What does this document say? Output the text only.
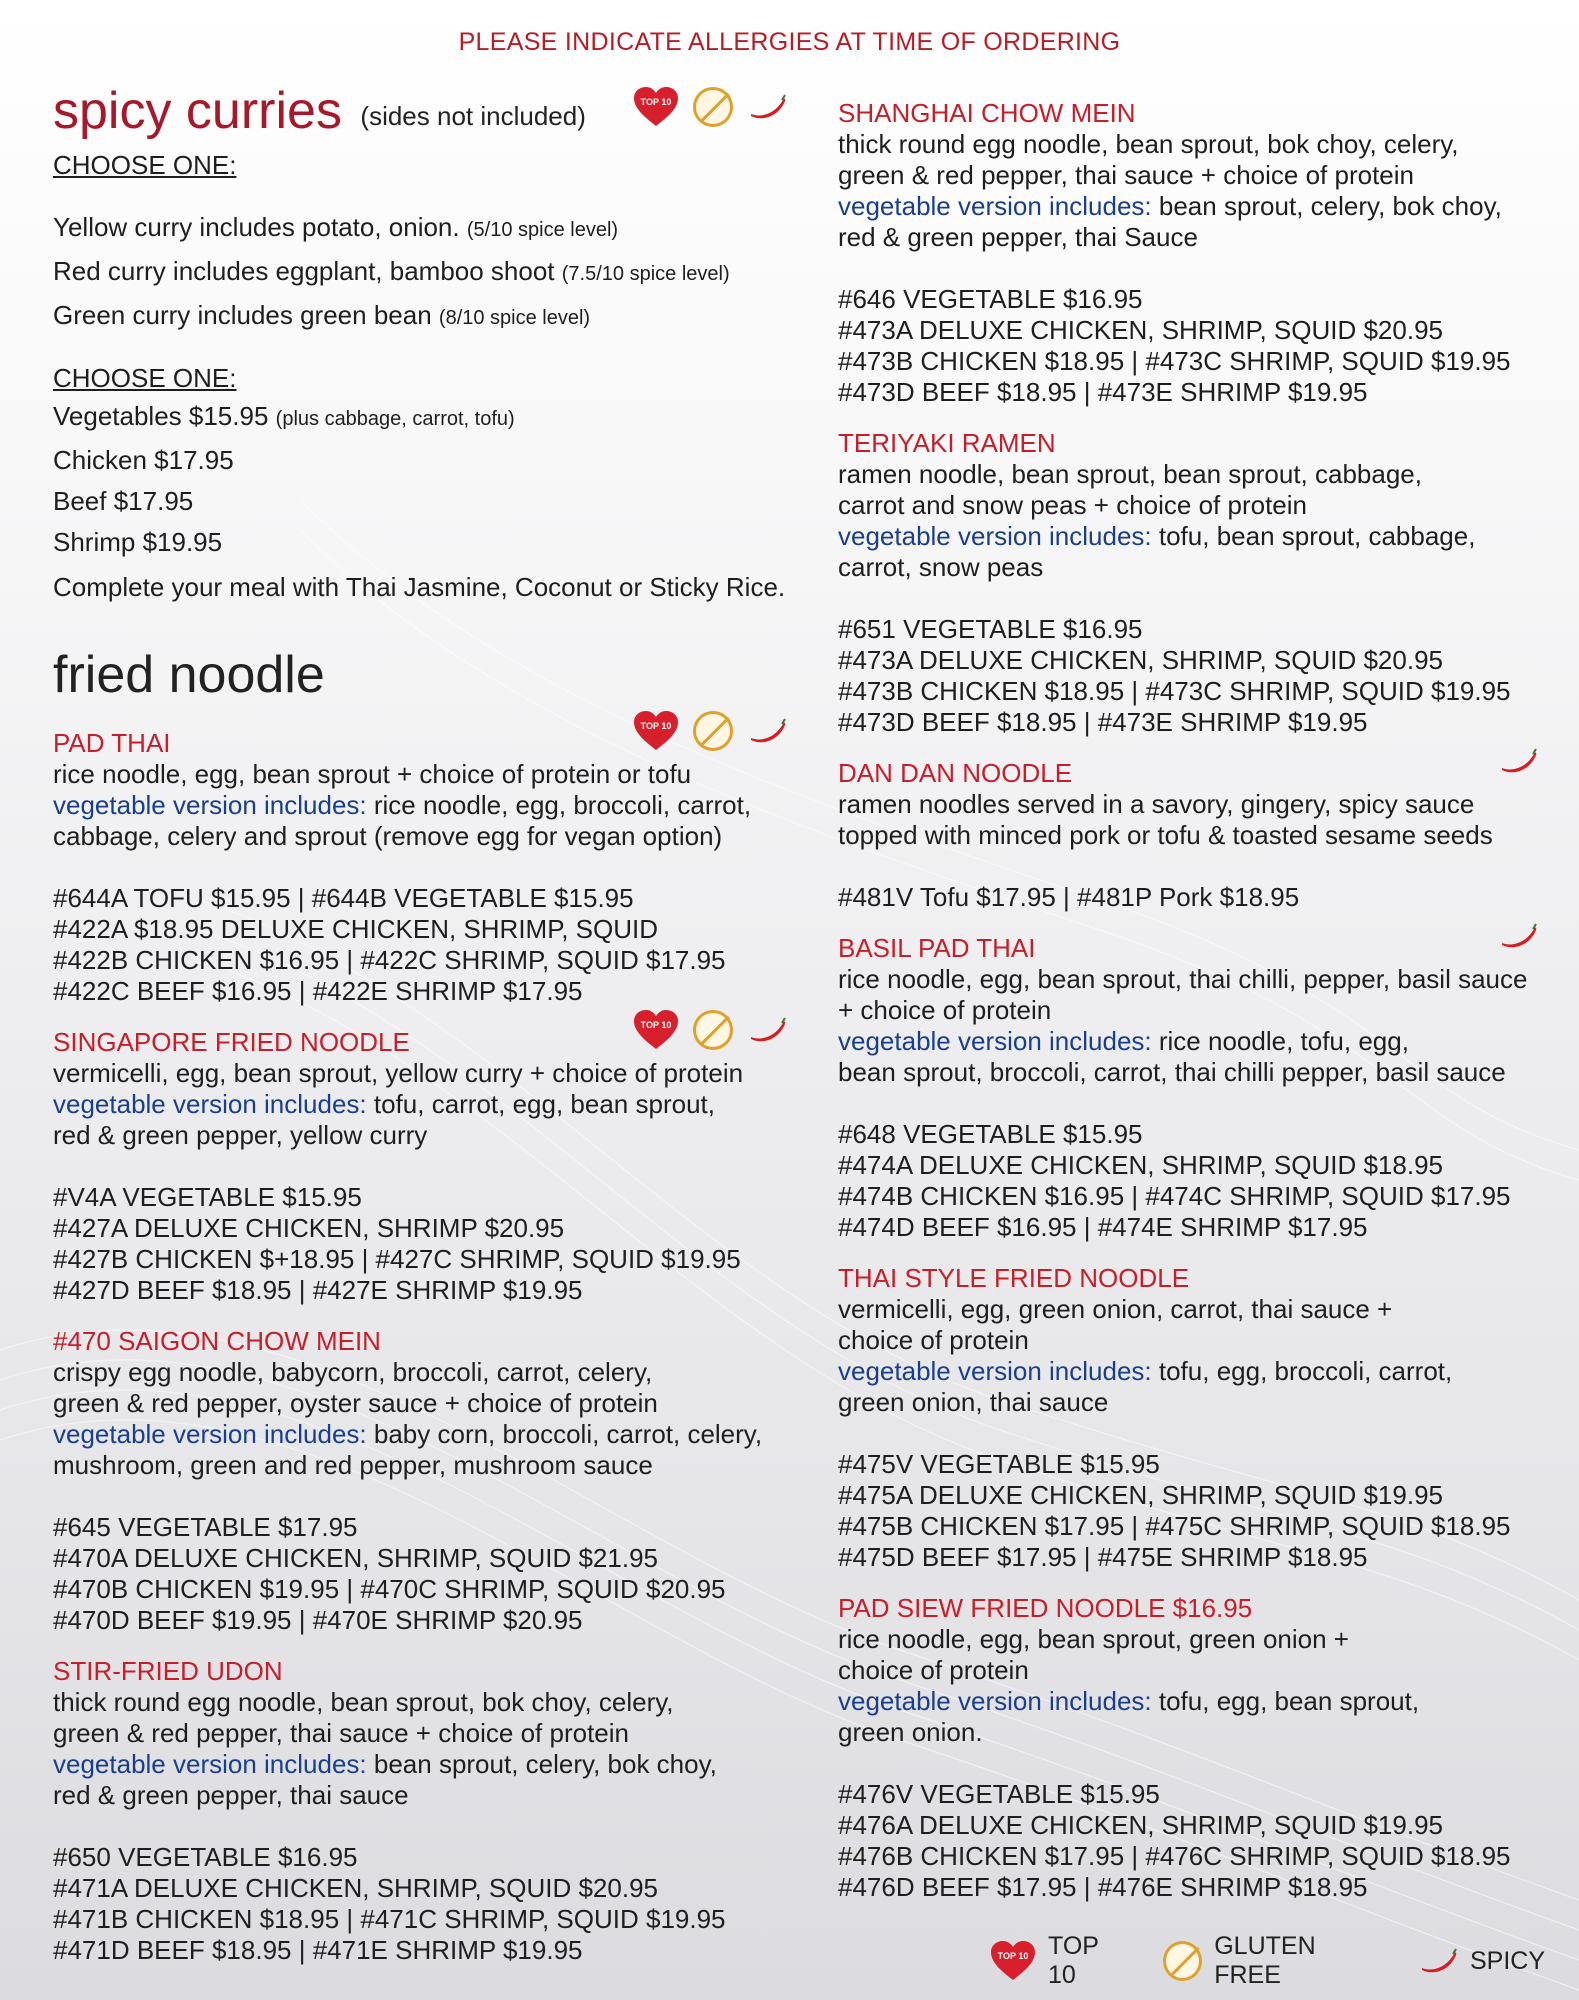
PLEASE INDICATE ALLERGIES AT TIME OF ORDERING
spicy curries (sides not included)	TOP 10
CHOOSE ONE:
Yellow curry includes potato, onion. (5/10 spice level)
Red curry includes eggplant, bamboo shoot (7.5/10 spice level)
Green curry includes green bean (8/10 spice level)
CHOOSE ONE:
Vegetables $15.95 (plus cabbage, carrot, tofu)
Chicken $17.95
Beef $17.95
Shrimp $19.95
Complete your meal with Thai Jasmine, Coconut or Sticky Rice.
fried noodle
PAD THAI
rice noodle, egg, bean sprout + choice of protein or tofu
vegetable version includes: rice noodle, egg, broccoli, carrot,
cabbage, celery and sprout (remove egg for vegan option)
#644A TOFU $15.95 | #644B VEGETABLE $15.95
#422A $18.95 DELUXE CHICKEN, SHRIMP, SQUID
#422B CHICKEN $16.95 | #422C SHRIMP, SQUID $17.95
#422C BEEF $16.95 | #422E SHRIMP $17.95
TOP 10
SINGAPORE FRIED NOODLE
vermicelli, egg, bean sprout, yellow curry + choice of protein
vegetable version includes: tofu, carrot, egg, bean sprout,
red & green pepper, yellow curry
#V4A VEGETABLE $15.95
#427A DELUXE CHICKEN, SHRIMP $20.95
#427B CHICKEN $+18.95 | #427C SHRIMP, SQUID $19.95
#427D BEEF $18.95 | #427E SHRIMP $19.95
TOP 10
#470 SAIGON CHOW MEIN
crispy egg noodle, babycorn, broccoli, carrot, celery,
green & red pepper, oyster sauce + choice of protein
vegetable version includes: baby corn, broccoli, carrot, celery,
mushroom, green and red pepper, mushroom sauce
#645 VEGETABLE $17.95
#470A DELUXE CHICKEN, SHRIMP, SQUID $21.95
#470B CHICKEN $19.95 | #470C SHRIMP, SQUID $20.95
#470D BEEF $19.95 | #470E SHRIMP $20.95
STIR-FRIED UDON
thick round egg noodle, bean sprout, bok choy, celery,
green & red pepper, thai sauce + choice of protein
vegetable version includes: bean sprout, celery, bok choy,
red & green pepper, thai sauce
#650 VEGETABLE $16.95
#471A DELUXE CHICKEN, SHRIMP, SQUID $20.95
#471B CHICKEN $18.95 | #471C SHRIMP, SQUID $19.95
#471D BEEF $18.95 | #471E SHRIMP $19.95
SHANGHAI CHOW MEIN
thick round egg noodle, bean sprout, bok choy, celery,
green & red pepper, thai sauce + choice of protein
vegetable version includes: bean sprout, celery, bok choy,
red & green pepper, thai Sauce
#646 VEGETABLE $16.95
#473A DELUXE CHICKEN, SHRIMP, SQUID $20.95
#473B CHICKEN $18.95 | #473C SHRIMP, SQUID $19.95
#473D BEEF $18.95 | #473E SHRIMP $19.95
TERIYAKI RAMEN
ramen noodle, bean sprout, bean sprout, cabbage,
carrot and snow peas + choice of protein
vegetable version includes: tofu, bean sprout, cabbage,
carrot, snow peas
#651 VEGETABLE $16.95
#473A DELUXE CHICKEN, SHRIMP, SQUID $20.95
#473B CHICKEN $18.95 | #473C SHRIMP, SQUID $19.95
#473D BEEF $18.95 | #473E SHRIMP $19.95
DAN DAN NOODLE
ramen noodles served in a savory, gingery, spicy sauce
topped with minced pork or tofu & toasted sesame seeds
#481V Tofu $17.95 | #481P Pork $18.95
BASIL PAD THAI
rice noodle, egg, bean sprout, thai chilli, pepper, basil sauce
+ choice of protein
vegetable version includes: rice noodle, tofu, egg,
bean sprout, broccoli, carrot, thai chilli pepper, basil sauce
#648 VEGETABLE $15.95
#474A DELUXE CHICKEN, SHRIMP, SQUID $18.95
#474B CHICKEN $16.95 | #474C SHRIMP, SQUID $17.95
#474D BEEF $16.95 | #474E SHRIMP $17.95
THAI STYLE FRIED NOODLE
vermicelli, egg, green onion, carrot, thai sauce +
choice of protein
vegetable version includes: tofu, egg, broccoli, carrot,
green onion, thai sauce
#475V VEGETABLE $15.95
#475A DELUXE CHICKEN, SHRIMP, SQUID $19.95
#475B CHICKEN $17.95 | #475C SHRIMP, SQUID $18.95
#475D BEEF $17.95 | #475E SHRIMP $18.95
PAD SIEW FRIED NOODLE $16.95
rice noodle, egg, bean sprout, green onion +
choice of protein
vegetable version includes: tofu, egg, bean sprout,
green onion.
#476V VEGETABLE $15.95
#476A DELUXE CHICKEN, SHRIMP, SQUID $19.95
#476B CHICKEN $17.95 | #476C SHRIMP, SQUID $18.95
#476D BEEF $17.95 | #476E SHRIMP $18.95
TOP 10 TOP 10
GLUTEN FREE
SPICY
